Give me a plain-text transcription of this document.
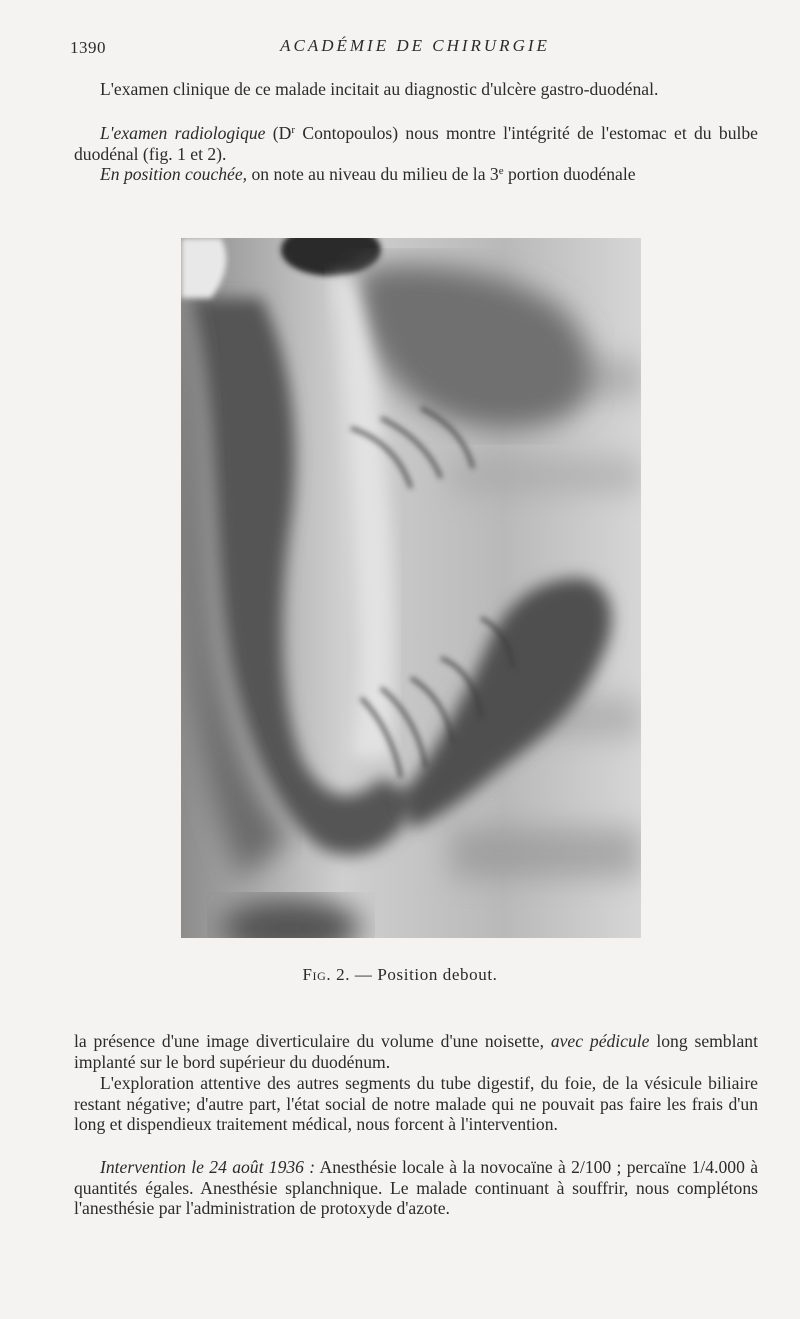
1390	ACADÉMIE DE CHIRURGIE

L'examen clinique de ce malade incitait au diagnostic d'ulcère gastro-duodénal.

L'examen radiologique ($D^r$ Contopoulos) nous montre l'intégrité de l'estomac et du bulbe duodénal (fig. 1 et 2).

En position couchée, on note au niveau du milieu de la 3e portion duodénale

Fig. 2. — Position debout.

la présence d'une image diverticulaire du volume d'une noisette, avec pédicule long semblant implanté sur le bord supérieur du duodénum.

L'exploration attentive des autres segments du tube digestif, du foie, de la vésicule biliaire restant négative; d'autre part, l'état social de notre malade qui ne pouvait pas faire les frais d'un long et dispendieux traitement médical, nous forcent à l'intervention.

Intervention le 24 août 1936 : Anesthésie locale à la novocaïne à 2/100 ; percaïne 1/4.000 à quantités égales. Anesthésie splanchnique. Le malade continuant à souffrir, nous complétons l'anesthésie par l'administration de protoxyde d'azote.
